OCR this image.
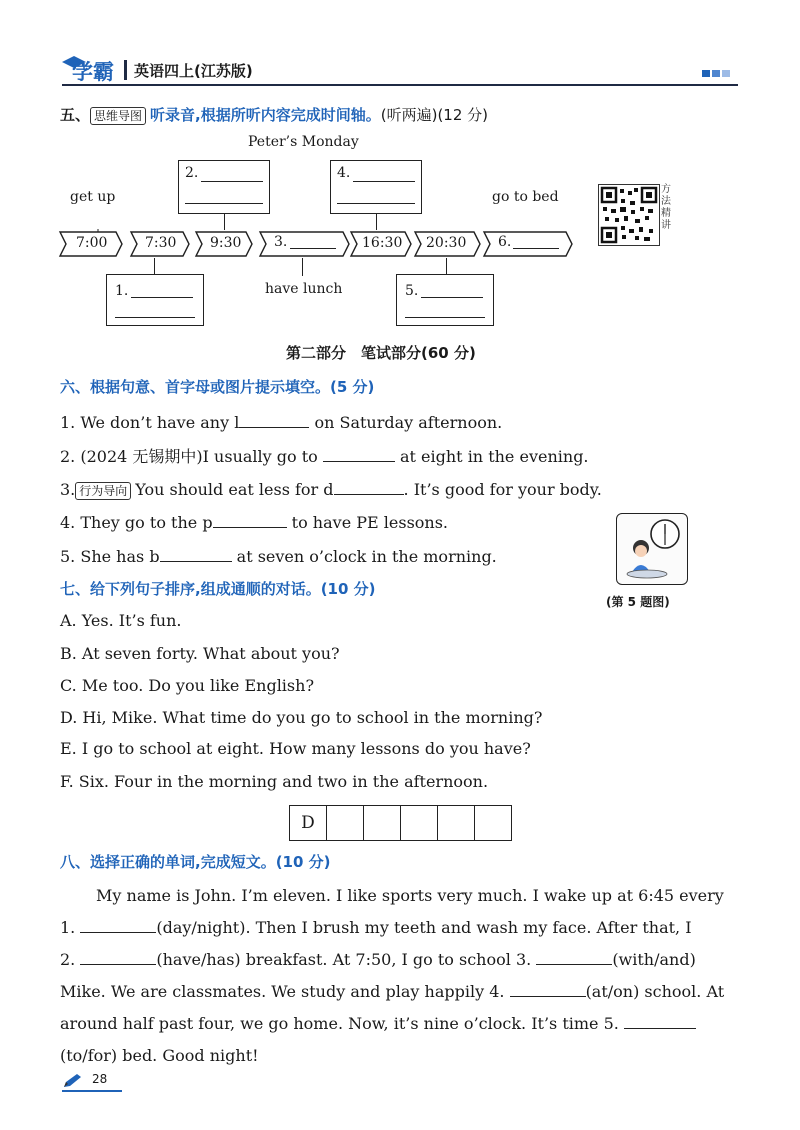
学霸 英语四上(江苏版)
五、 思维导图 听录音,根据所听内容完成时间轴。(听两遍)(12 分)
Peter’s Monday
get up	go to bed
have lunch
7:00	7:30 9:30 3.	16:30 20:30 6.
2.	4.
1.	5.
方法精讲
第二部分　笔试部分(60 分)
六、根据句意、首字母或图片提示填空。(5 分)
1. We don’t have any l	on Saturday afternoon.
2. (2024 无锡期中)I usually go to	at eight in the evening.
3. 行为导向 You should eat less for d	. It’s good for your body.
4. They go to the p	to have PE lessons.
5. She has b	at seven o’clock in the morning.
(第 5 题图)
七、给下列句子排序,组成通顺的对话。(10 分)
A. Yes. It’s fun.
B. At seven forty. What about you?
C. Me too. Do you like English?
D. Hi, Mike. What time do you go to school in the morning?
E. I go to school at eight. How many lessons do you have?
F. Six. Four in the morning and two in the afternoon.
D
八、选择正确的单词,完成短文。(10 分)
My name is John. I’m eleven. I like sports very much. I wake up at 6:45 every
1.	(day/night). Then I brush my teeth and wash my face. After that, I
2.	(have/has) breakfast. At 7:50, I go to school 3.	(with/and)
Mike. We are classmates. We study and play happily 4.	(at/on) school. At
around half past four, we go home. Now, it’s nine o’clock. It’s time 5.
(to/for) bed. Good night!
28
